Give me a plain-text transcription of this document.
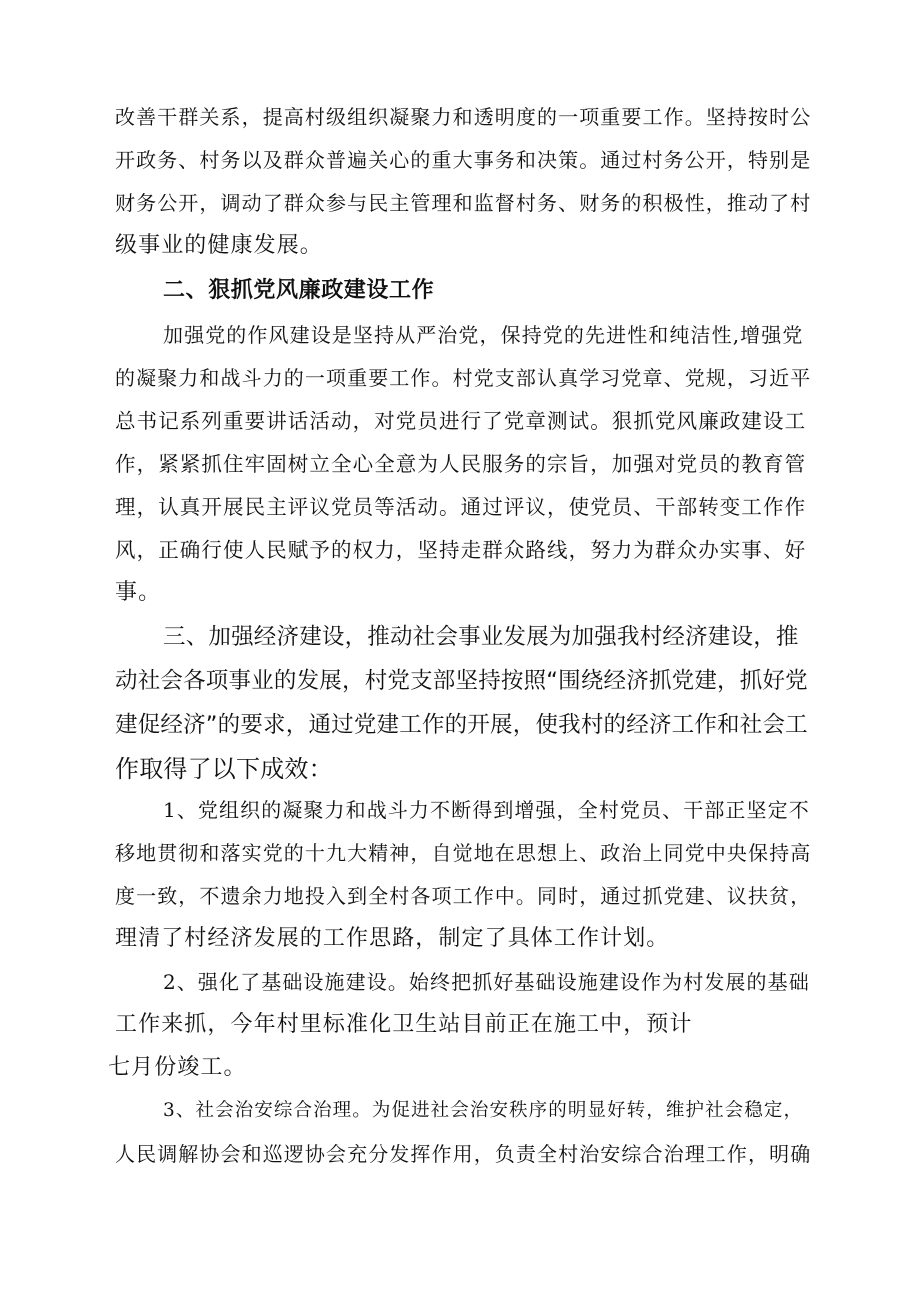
改善干群关系，提高村级组织凝聚力和透明度的一项重要工作。坚持按时公
开政务、村务以及群众普遍关心的重大事务和决策。通过村务公开，特别是
财务公开，调动了群众参与民主管理和监督村务、财务的积极性，推动了村
级事业的健康发展。
二、狠抓党风廉政建设工作
加强党的作风建设是坚持从严治党，保持党的先进性和纯洁性,增强党
的凝聚力和战斗力的一项重要工作。村党支部认真学习党章、党规，习近平
总书记系列重要讲话活动，对党员进行了党章测试。狠抓党风廉政建设工
作，紧紧抓住牢固树立全心全意为人民服务的宗旨，加强对党员的教育管
理，认真开展民主评议党员等活动。通过评议，使党员、干部转变工作作
风，正确行使人民赋予的权力，坚持走群众路线，努力为群众办实事、好
事。
三、加强经济建设，推动社会事业发展为加强我村经济建设，推
动社会各项事业的发展，村党支部坚持按照“围绕经济抓党建，抓好党
建促经济”的要求，通过党建工作的开展，使我村的经济工作和社会工
作取得了以下成效：
1、党组织的凝聚力和战斗力不断得到增强，全村党员、干部正坚定不
移地贯彻和落实党的十九大精神，自觉地在思想上、政治上同党中央保持高
度一致，不遗余力地投入到全村各项工作中。同时，通过抓党建、议扶贫，
理清了村经济发展的工作思路，制定了具体工作计划。
2、强化了基础设施建设。始终把抓好基础设施建设作为村发展的基础
工作来抓，今年村里标准化卫生站目前正在施工中，预计
七月份竣工。
3、社会治安综合治理。为促进社会治安秩序的明显好转，维护社会稳定，
人民调解协会和巡逻协会充分发挥作用，负责全村治安综合治理工作，明确
